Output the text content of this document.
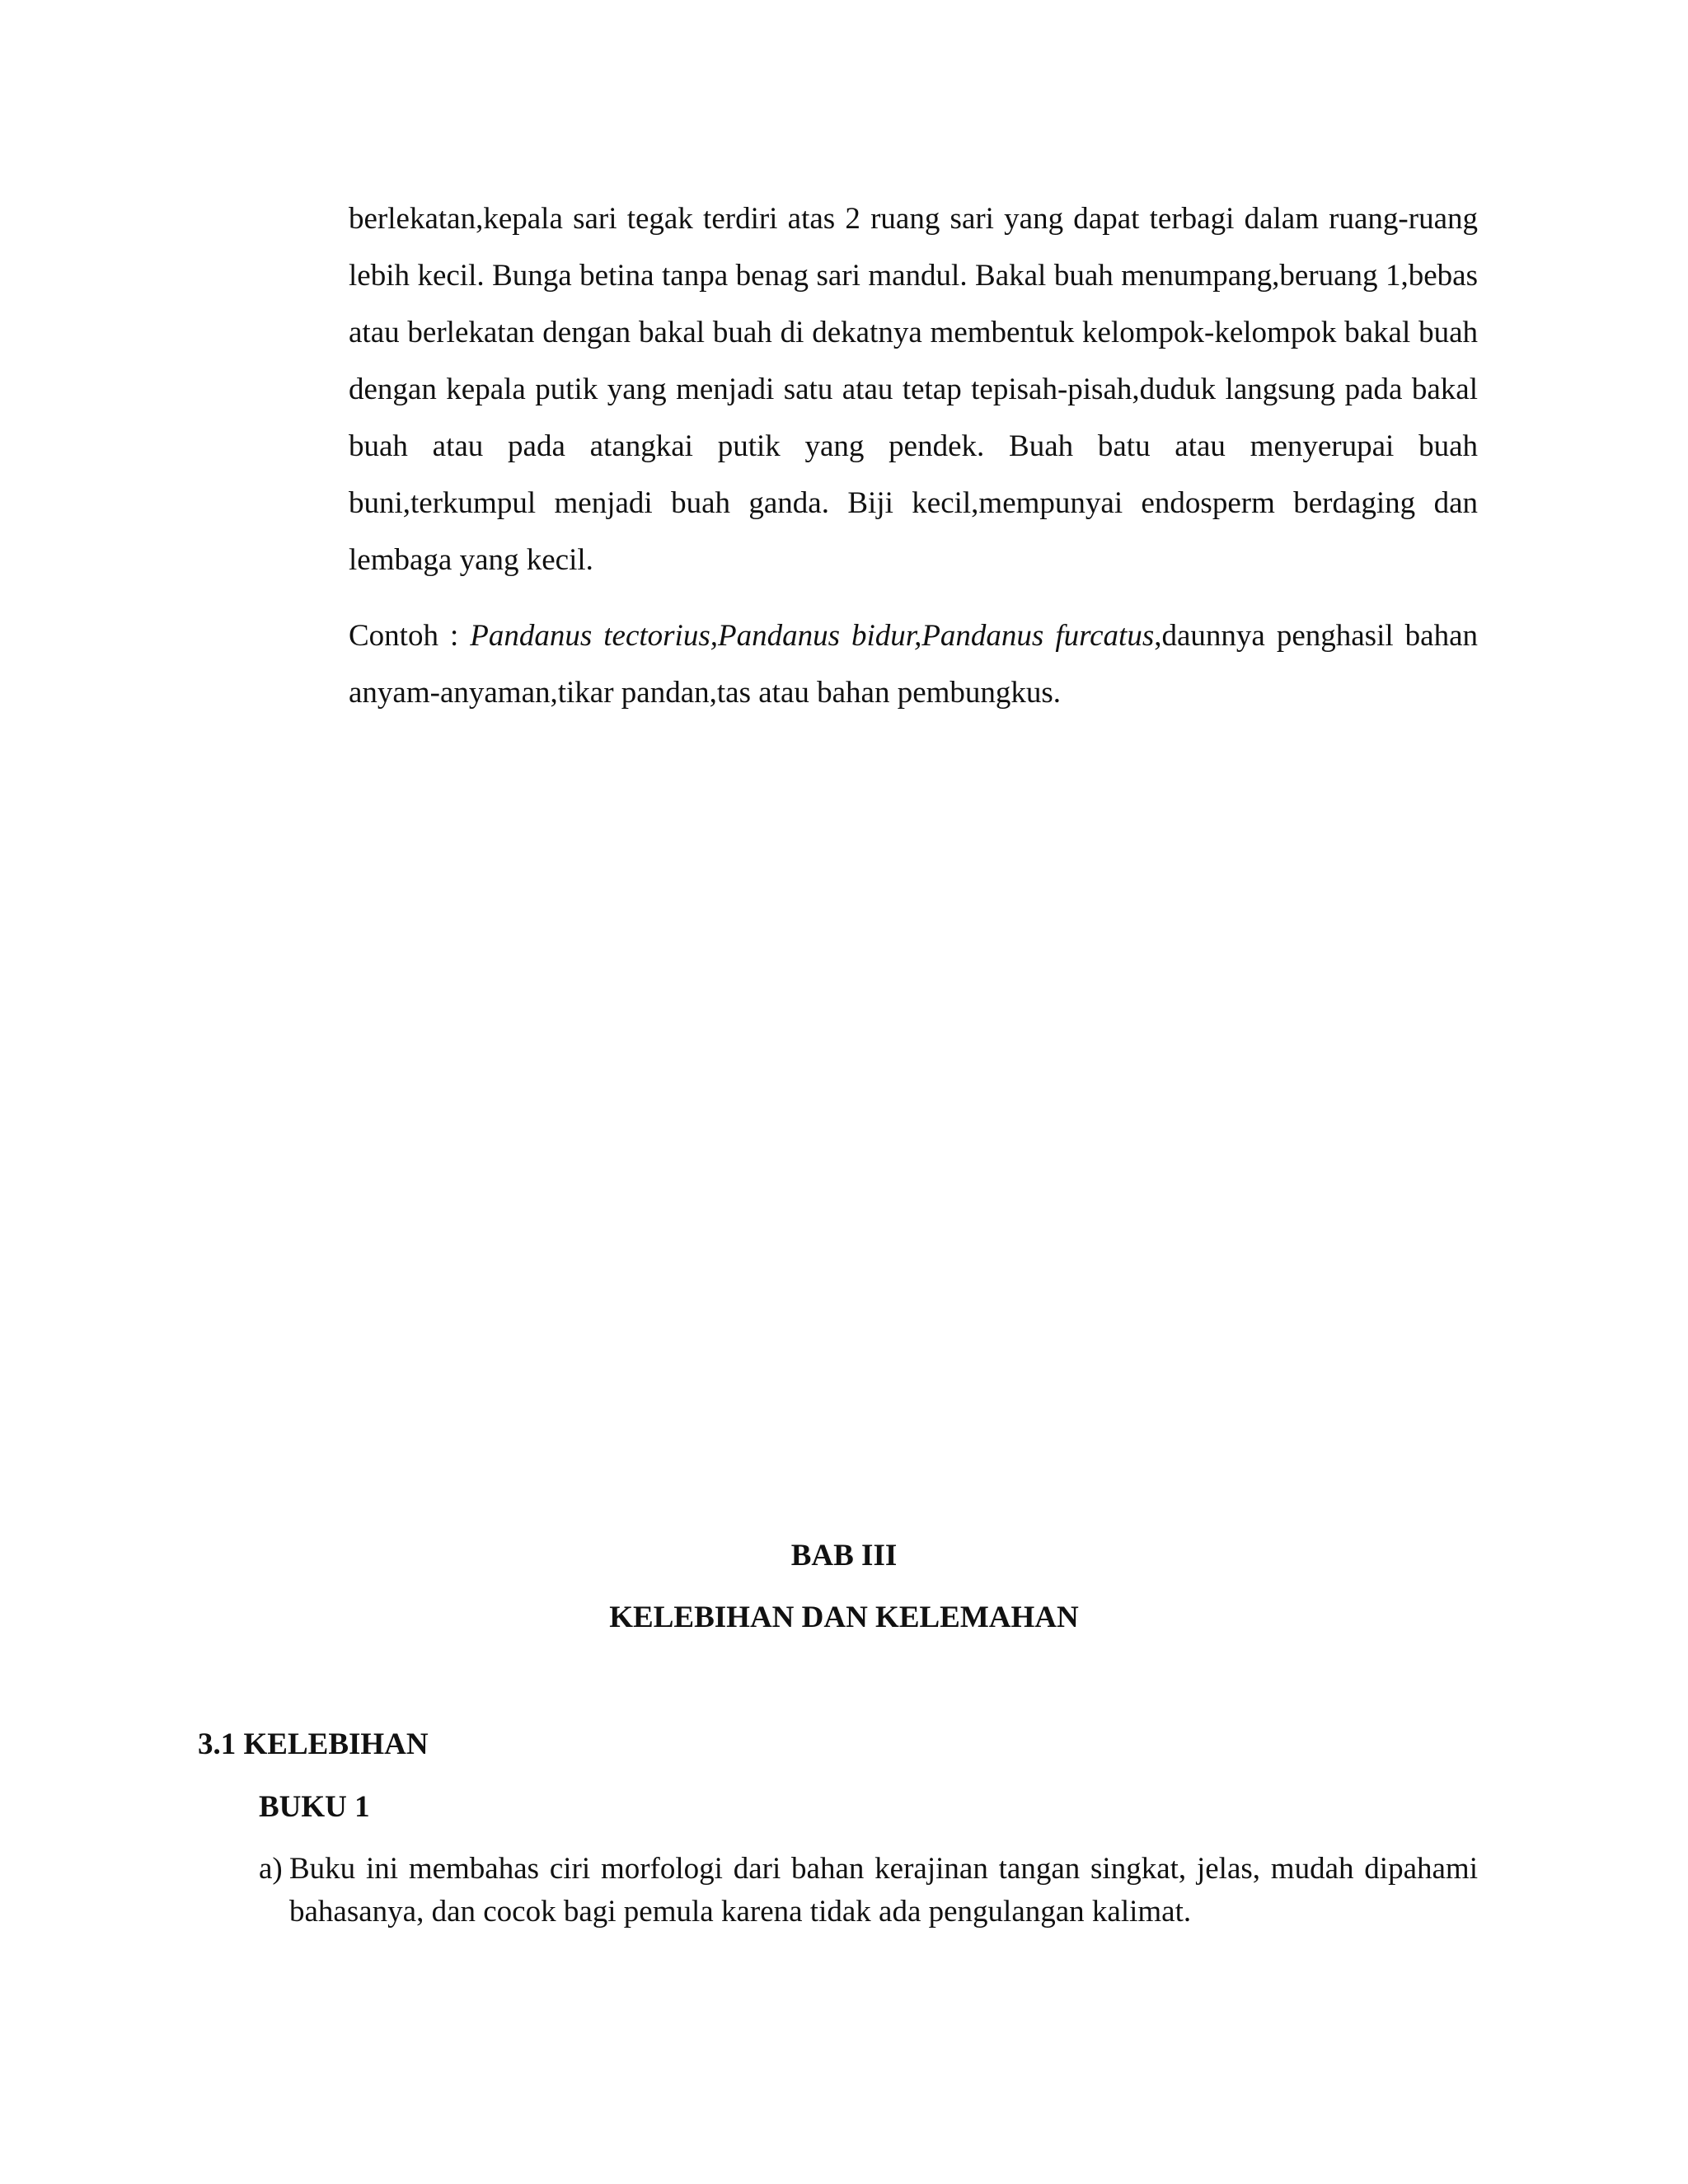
berlekatan,kepala sari tegak terdiri atas 2 ruang sari yang dapat terbagi dalam ruang-ruang lebih kecil. Bunga betina tanpa benag sari mandul. Bakal buah menumpang,beruang 1,bebas atau berlekatan dengan bakal buah di dekatnya membentuk kelompok-kelompok bakal buah dengan kepala putik yang menjadi satu atau tetap tepisah-pisah,duduk langsung pada bakal buah atau pada atangkai putik yang pendek. Buah batu atau menyerupai buah buni,terkumpul menjadi buah ganda. Biji kecil,mempunyai endosperm berdaging dan lembaga yang kecil.

Contoh : Pandanus tectorius,Pandanus bidur,Pandanus furcatus,daunnya penghasil bahan anyam-anyaman,tikar pandan,tas atau bahan pembungkus.

BAB III

KELEBIHAN DAN KELEMAHAN

3.1 KELEBIHAN

BUKU 1

a) Buku ini membahas ciri morfologi dari bahan kerajinan tangan singkat, jelas, mudah dipahami bahasanya, dan cocok bagi pemula karena tidak ada pengulangan kalimat.
